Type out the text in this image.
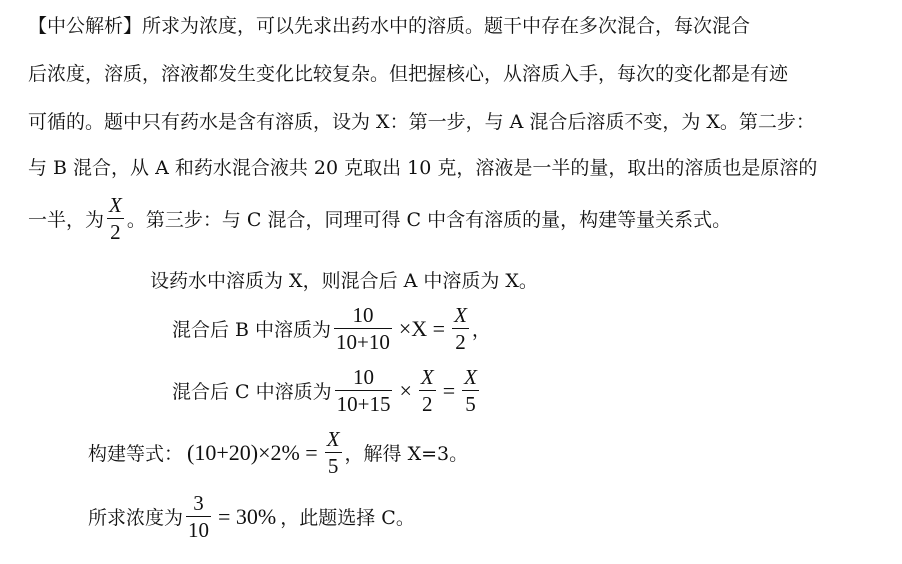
【中公解析】所求为浓度，可以先求出药水中的溶质。题干中存在多次混合，每次混合
后浓度，溶质，溶液都发生变化比较复杂。但把握核心，从溶质入手，每次的变化都是有迹
可循的。题中只有药水是含有溶质，设为 X：第一步，与 A 混合后溶质不变，为 X。第二步：
与 B 混合，从 A 和药水混合液共 20 克取出 10 克，溶液是一半的量，取出的溶质也是原溶的
一半，为 $\frac{X}{2}$ 。第三步：与 C 混合，同理可得 C 中含有溶质的量，构建等量关系式。
设药水中溶质为 X，则混合后 A 中溶质为 X。
混合后 B 中溶质为 $\frac{10}{10+10} \times X = \frac{X}{2}$ ，
混合后 C 中溶质为 $\frac{10}{10+15} \times \frac{X}{2} = \frac{X}{5}$
构建等式： $(10+20)\times 2\% = \frac{X}{5}$ ，解得 X=3。
所求浓度为 $\frac{3}{10} = 30\%$ ，此题选择 C。
